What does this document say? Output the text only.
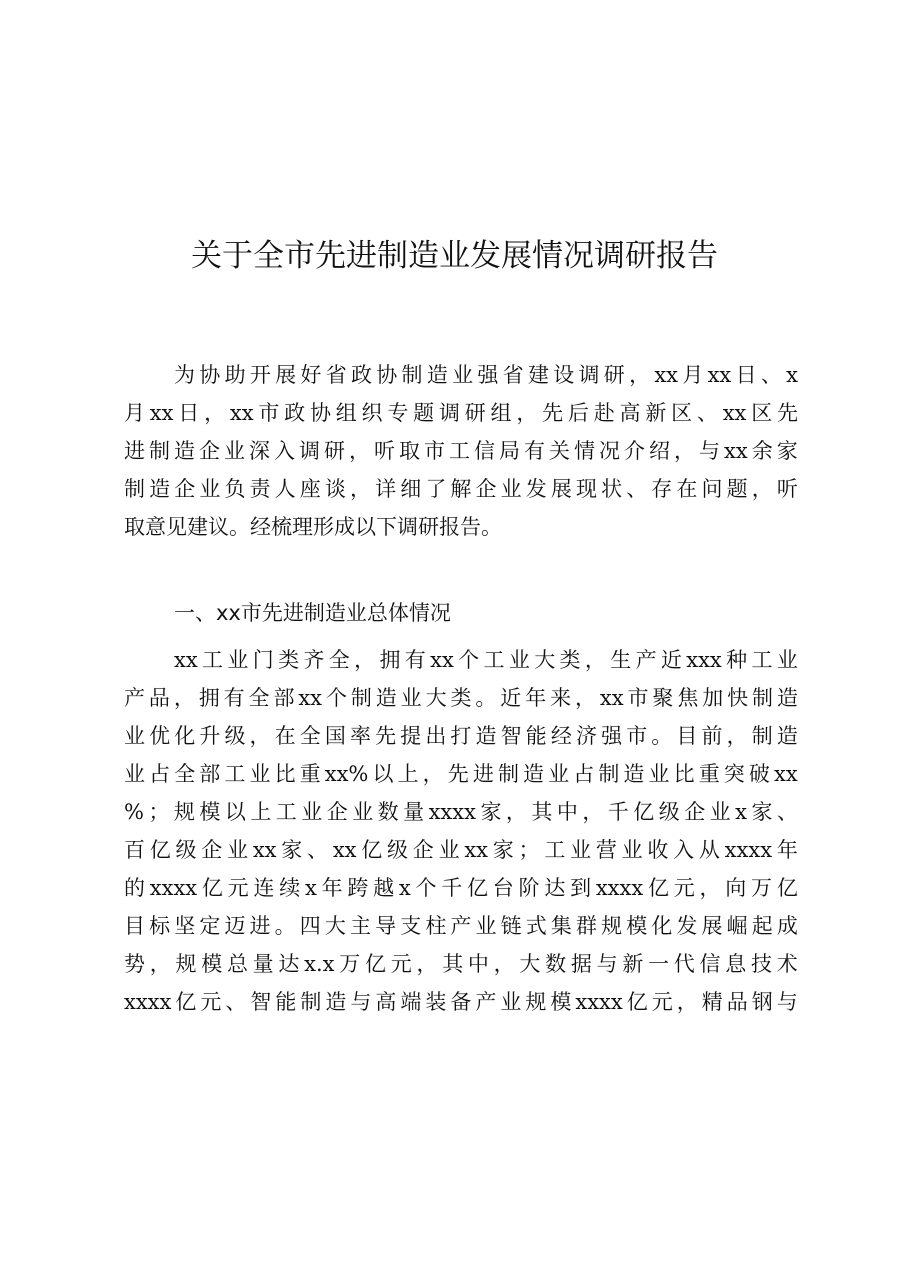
关于全市先进制造业发展情况调研报告
为 协 助 开 展 好 省 政 协 制 造 业 强 省 建 设 调 研 ， xx 月 xx 日 、 x
月 xx 日 ， xx 市 政 协 组 织 专 题 调 研 组 ， 先 后 赴 高 新 区 、 xx 区 先
进 制 造 企 业 深 入 调 研 ， 听 取 市 工 信 局 有 关 情 况 介 绍 ， 与 xx 余 家
制 造 企 业 负 责 人 座 谈 ， 详 细 了 解 企 业 发 展 现 状 、 存 在 问 题 ， 听
取意见建议。经梳理形成以下调研报告。
一、xx市先进制造业总体情况
xx 工 业 门 类 齐 全 ， 拥 有 xx 个 工 业 大 类 ， 生 产 近 xxx 种 工 业
产 品 ， 拥 有 全 部 xx 个 制 造 业 大 类 。 近 年 来 ， xx 市 聚 焦 加 快 制 造
业 优 化 升 级 ， 在 全 国 率 先 提 出 打 造 智 能 经 济 强 市 。 目 前 ， 制 造
业 占 全 部 工 业 比 重 xx% 以 上 ， 先 进 制 造 业 占 制 造 业 比 重 突 破 xx
% ； 规 模 以 上 工 业 企 业 数 量 xxxx 家 ， 其 中 ， 千 亿 级 企 业 x 家 、
百 亿 级 企 业 xx 家 、 xx 亿 级 企 业 xx 家 ； 工 业 营 业 收 入 从 xxxx 年
的 xxxx 亿 元 连 续 x 年 跨 越 x 个 千 亿 台 阶 达 到 xxxx 亿 元 ， 向 万 亿
目 标 坚 定 迈 进 。 四 大 主 导 支 柱 产 业 链 式 集 群 规 模 化 发 展 崛 起 成
势 ， 规 模 总 量 达 x.x 万 亿 元 ， 其 中 ， 大 数 据 与 新 一 代 信 息 技 术
xxxx 亿 元 、 智 能 制 造 与 高 端 装 备 产 业 规 模 xxxx 亿 元 ， 精 品 钢 与
